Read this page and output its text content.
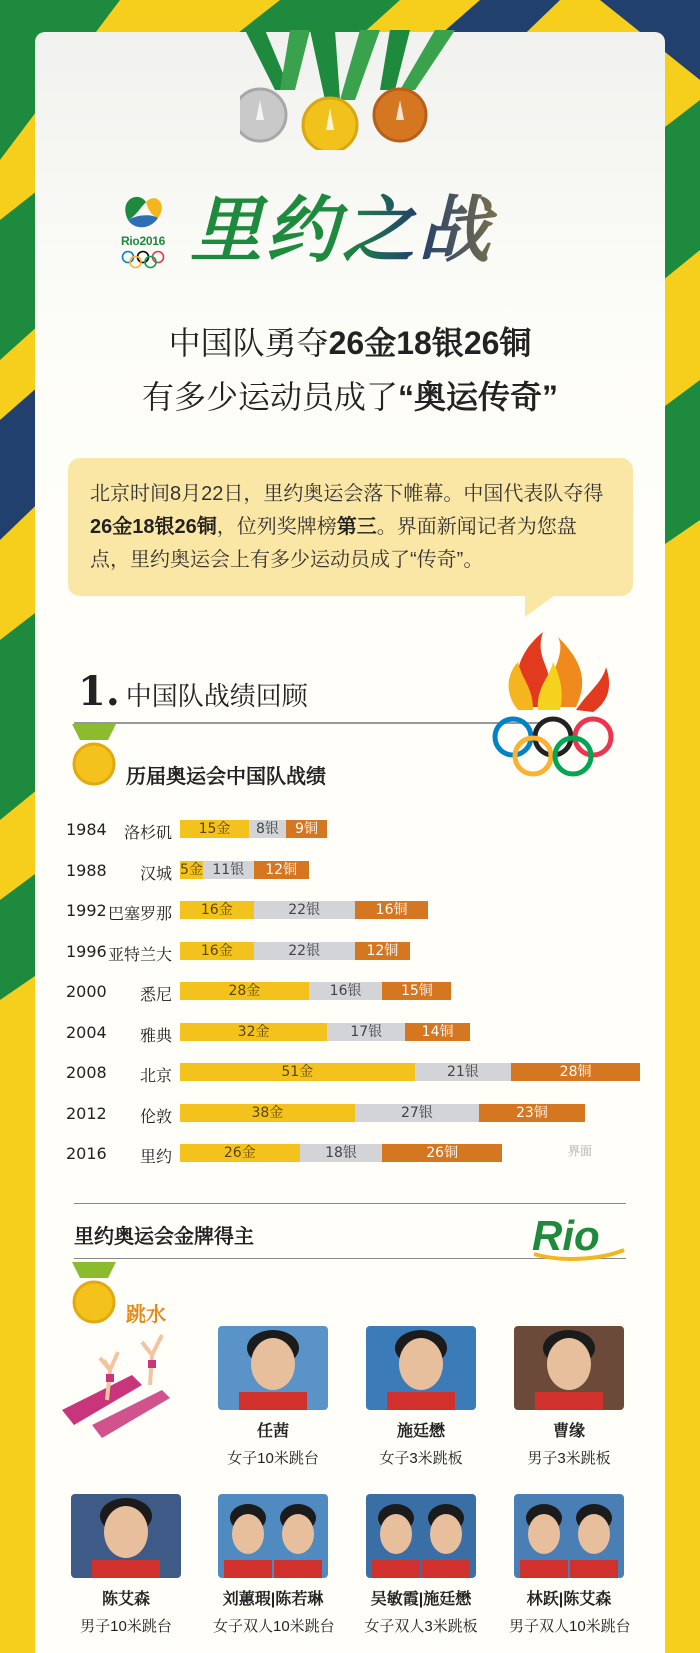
Rio2016 里约之战
中国队勇夺26金18银26铜
有多少运动员成了“奥运传奇”
北京时间8月22日，里约奥运会落下帷幕。中国代表队夺得26金18银26铜，位列奖牌榜第三。界面新闻记者为您盘点，里约奥运会上有多少运动员成了“传奇”。
1. 中国队战绩回顾
历届奥运会中国队战绩
1984	洛杉矶	15金	8银	9铜
1988	汉城 5金 11银	12铜
1992 巴塞罗那	16金	22银	16铜
1996 亚特兰大	16金	22银	12铜
2000	悉尼	28金	16银	15铜
2004	雅典	32金	17银	14铜
2008	北京	51金	21银	28铜
2012	伦敦	38金	27银	23铜
2016	里约	26金	18银	26铜	界面
里约奥运会金牌得主	Rio
跳水
任茜
女子10米跳台
施廷懋
女子3米跳板
曹缘
男子3米跳板
陈艾森
男子10米跳台
刘蕙瑕|陈若琳
女子双人10米跳台
吴敏霞|施廷懋
女子双人3米跳板
林跃|陈艾森
男子双人10米跳台
